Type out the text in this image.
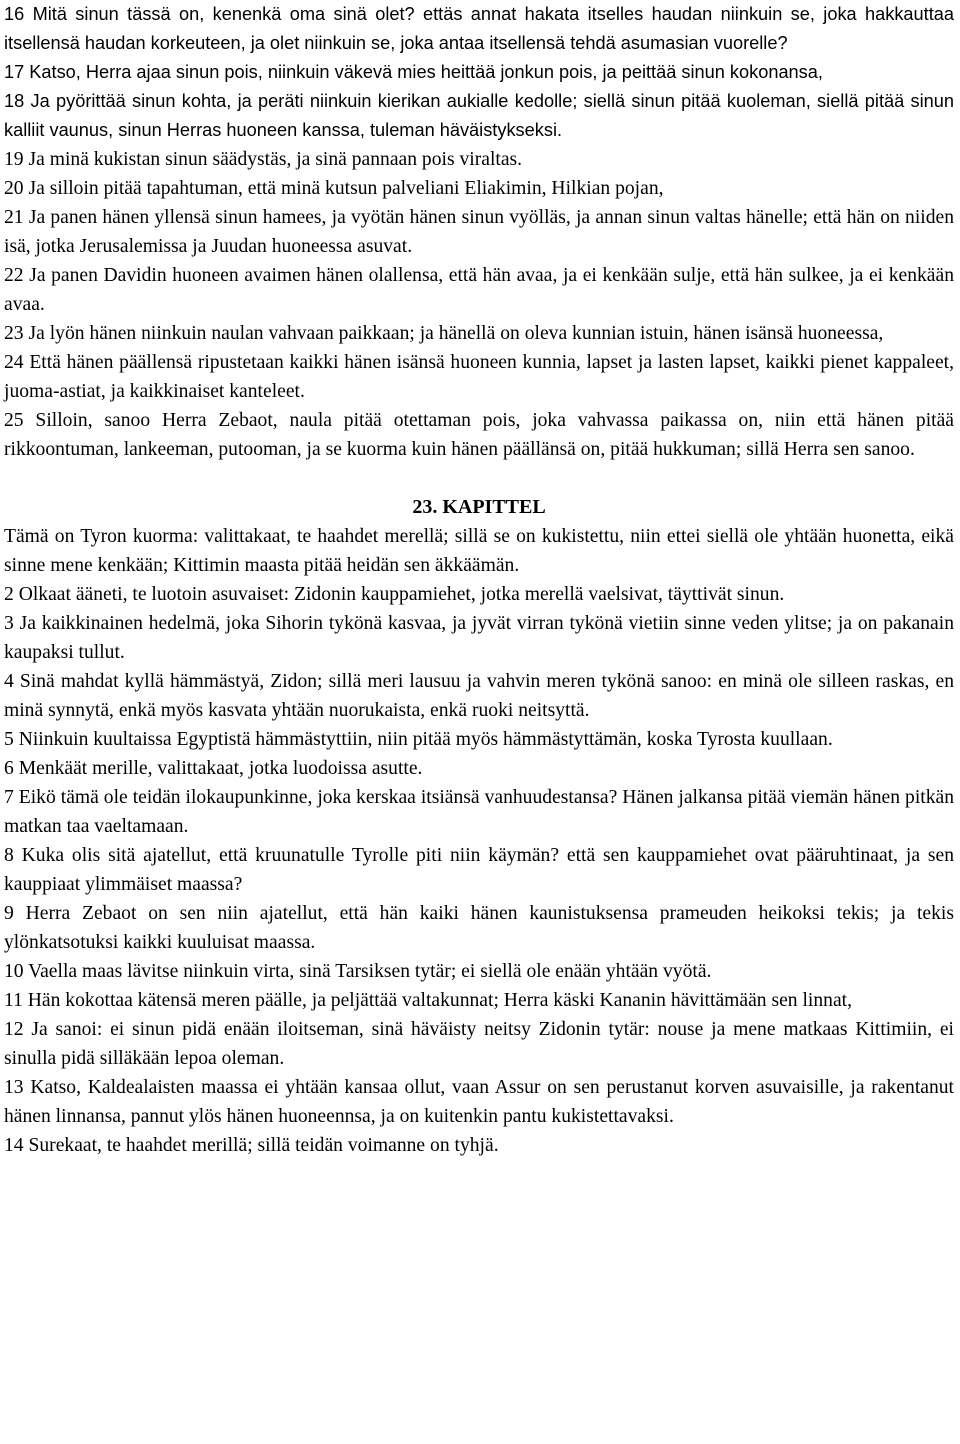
16 Mitä sinun tässä on, kenenkä oma sinä olet? ettäs annat hakata itselles haudan niinkuin se, joka hakkauttaa itsellensä haudan korkeuteen, ja olet niinkuin se, joka antaa itsellensä tehdä asumasian vuorelle?

17 Katso, Herra ajaa sinun pois, niinkuin väkevä mies heittää jonkun pois, ja peittää sinun kokonansa,

18 Ja pyörittää sinun kohta, ja peräti niinkuin kierikan aukialle kedolle; siellä sinun pitää kuoleman, siellä pitää sinun kalliit vaunus, sinun Herras huoneen kanssa, tuleman häväistykseksi.

19 Ja minä kukistan sinun säädystäs, ja sinä pannaan pois viraltas.

20 Ja silloin pitää tapahtuman, että minä kutsun palveliani Eliakimin, Hilkian pojan,

21 Ja panen hänen yllensä sinun hamees, ja vyötän hänen sinun vyölläs, ja annan sinun valtas hänelle; että hän on niiden isä, jotka Jerusalemissa ja Juudan huoneessa asuvat.

22 Ja panen Davidin huoneen avaimen hänen olallensa, että hän avaa, ja ei kenkään sulje, että hän sulkee, ja ei kenkään avaa.

23 Ja lyön hänen niinkuin naulan vahvaan paikkaan; ja hänellä on oleva kunnian istuin, hänen isänsä huoneessa,

24 Että hänen päällensä ripustetaan kaikki hänen isänsä huoneen kunnia, lapset ja lasten lapset, kaikki pienet kappaleet, juoma-astiat, ja kaikkinaiset kanteleet.

25 Silloin, sanoo Herra Zebaot, naula pitää otettaman pois, joka vahvassa paikassa on, niin että hänen pitää rikkoontuman, lankeeman, putooman, ja se kuorma kuin hänen päällänsä on, pitää hukkuman; sillä Herra sen sanoo.

23. KAPITTEL

Tämä on Tyron kuorma: valittakaat, te haahdet merellä; sillä se on kukistettu, niin ettei siellä ole yhtään huonetta, eikä sinne mene kenkään; Kittimin maasta pitää heidän sen äkkäämän.

2 Olkaat ääneti, te luotoin asuvaiset: Zidonin kauppamiehet, jotka merellä vaelsivat, täyttivät sinun.

3 Ja kaikkinainen hedelmä, joka Sihorin tykönä kasvaa, ja jyvät virran tykönä vietiin sinne veden ylitse; ja on pakanain kaupaksi tullut.

4 Sinä mahdat kyllä hämmästyä, Zidon; sillä meri lausuu ja vahvin meren tykönä sanoo: en minä ole silleen raskas, en minä synnytä, enkä myös kasvata yhtään nuorukaista, enkä ruoki neitsyttä.

5 Niinkuin kuultaissa Egyptistä hämmästyttiin, niin pitää myös hämmästyttämän, koska Tyrosta kuullaan.

6 Menkäät merille, valittakaat, jotka luodoissa asutte.

7 Eikö tämä ole teidän ilokaupunkinne, joka kerskaa itsiänsä vanhuudestansa? Hänen jalkansa pitää viemän hänen pitkän matkan taa vaeltamaan.

8 Kuka olis sitä ajatellut, että kruunatulle Tyrolle piti niin käymän? että sen kauppamiehet ovat pääruhtinaat, ja sen kauppiaat ylimmäiset maassa?

9 Herra Zebaot on sen niin ajatellut, että hän kaiki hänen kaunistuksensa prameuden heikoksi tekis; ja tekis ylönkatsotuksi kaikki kuuluisat maassa.

10 Vaella maas lävitse niinkuin virta, sinä Tarsiksen tytär; ei siellä ole enään yhtään vyötä.

11 Hän kokottaa kätensä meren päälle, ja peljättää valtakunnat; Herra käski Kananin hävittämään sen linnat,

12 Ja sanoi: ei sinun pidä enään iloitseman, sinä häväisty neitsy Zidonin tytär: nouse ja mene matkaas Kittimiin, ei sinulla pidä silläkään lepoa oleman.

13 Katso, Kaldealaisten maassa ei yhtään kansaa ollut, vaan Assur on sen perustanut korven asuvaisille, ja rakentanut hänen linnansa, pannut ylös hänen huoneennsa, ja on kuitenkin pantu kukistettavaksi.

14 Surekaat, te haahdet merillä; sillä teidän voimanne on tyhjä.
